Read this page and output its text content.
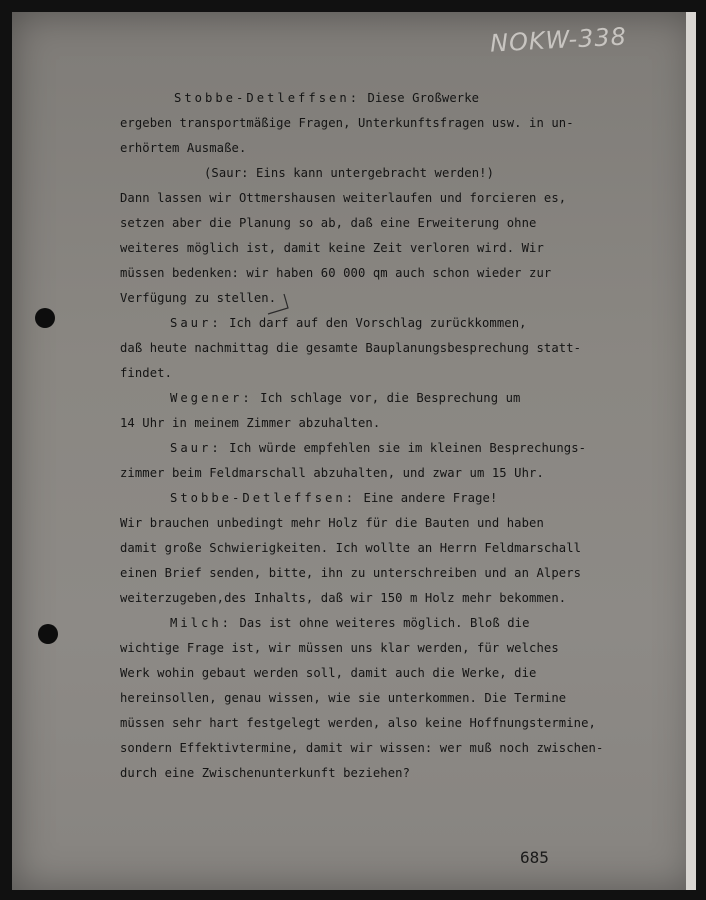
NOKW-338
Stobbe-Detleffsen: Diese Großwerke
ergeben transportmäßige Fragen, Unterkunftsfragen usw. in un-
erhörtem Ausmaße.
(Saur: Eins kann untergebracht werden!)
Dann lassen wir Ottmershausen weiterlaufen und forcieren es,
setzen aber die Planung so ab, daß eine Erweiterung ohne
weiteres möglich ist, damit keine Zeit verloren wird. Wir
müssen bedenken: wir haben 60 000 qm auch schon wieder zur
Verfügung zu stellen.
Saur: Ich darf auf den Vorschlag zurückkommen,
daß heute nachmittag die gesamte Bauplanungsbesprechung statt-
findet.
Wegener: Ich schlage vor, die Besprechung um
14 Uhr in meinem Zimmer abzuhalten.
Saur: Ich würde empfehlen sie im kleinen Besprechungs-
zimmer beim Feldmarschall abzuhalten, und zwar um 15 Uhr.
Stobbe-Detleffsen: Eine andere Frage!
Wir brauchen unbedingt mehr Holz für die Bauten und haben
damit große Schwierigkeiten. Ich wollte an Herrn Feldmarschall
einen Brief senden, bitte, ihn zu unterschreiben und an Alpers
weiterzugeben,des Inhalts, daß wir 150 m Holz mehr bekommen.
Milch: Das ist ohne weiteres möglich. Bloß die
wichtige Frage ist, wir müssen uns klar werden, für welches
Werk wohin gebaut werden soll, damit auch die Werke, die
hereinsollen, genau wissen, wie sie unterkommen. Die Termine
müssen sehr hart festgelegt werden, also keine Hoffnungstermine,
sondern Effektivtermine, damit wir wissen: wer muß noch zwischen-
durch eine Zwischenunterkunft beziehen?
685
